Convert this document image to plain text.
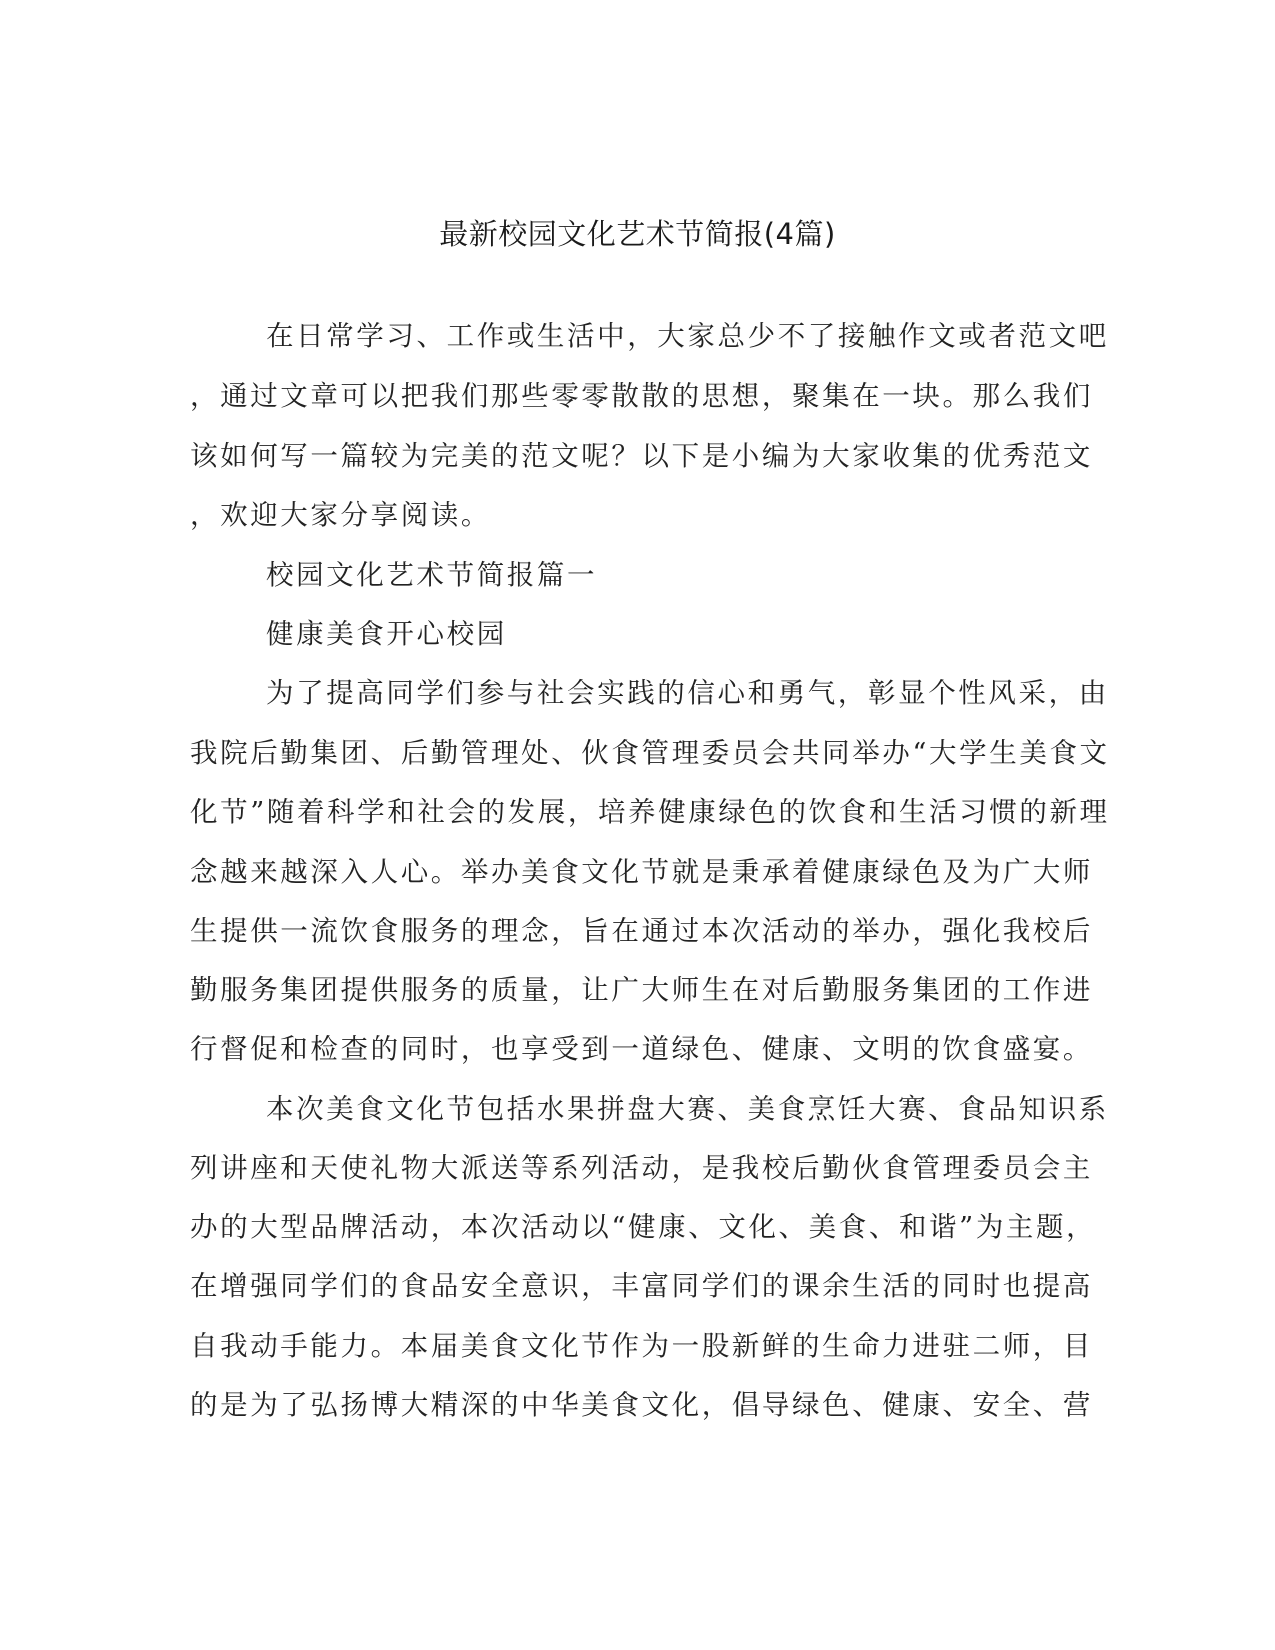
最新校园文化艺术节简报(4篇)
在日常学习、工作或生活中，大家总少不了接触作文或者范文吧
，通过文章可以把我们那些零零散散的思想，聚集在一块。那么我们
该如何写一篇较为完美的范文呢？以下是小编为大家收集的优秀范文
，欢迎大家分享阅读。
校园文化艺术节简报篇一
健康美食开心校园
为了提高同学们参与社会实践的信心和勇气，彰显个性风采，由
我院后勤集团、后勤管理处、伙食管理委员会共同举办“大学生美食文
化节”随着科学和社会的发展，培养健康绿色的饮食和生活习惯的新理
念越来越深入人心。举办美食文化节就是秉承着健康绿色及为广大师
生提供一流饮食服务的理念，旨在通过本次活动的举办，强化我校后
勤服务集团提供服务的质量，让广大师生在对后勤服务集团的工作进
行督促和检查的同时，也享受到一道绿色、健康、文明的饮食盛宴。
本次美食文化节包括水果拼盘大赛、美食烹饪大赛、食品知识系
列讲座和天使礼物大派送等系列活动，是我校后勤伙食管理委员会主
办的大型品牌活动，本次活动以“健康、文化、美食、和谐”为主题，
在增强同学们的食品安全意识，丰富同学们的课余生活的同时也提高
自我动手能力。本届美食文化节作为一股新鲜的生命力进驻二师，目
的是为了弘扬博大精深的中华美食文化，倡导绿色、健康、安全、营
